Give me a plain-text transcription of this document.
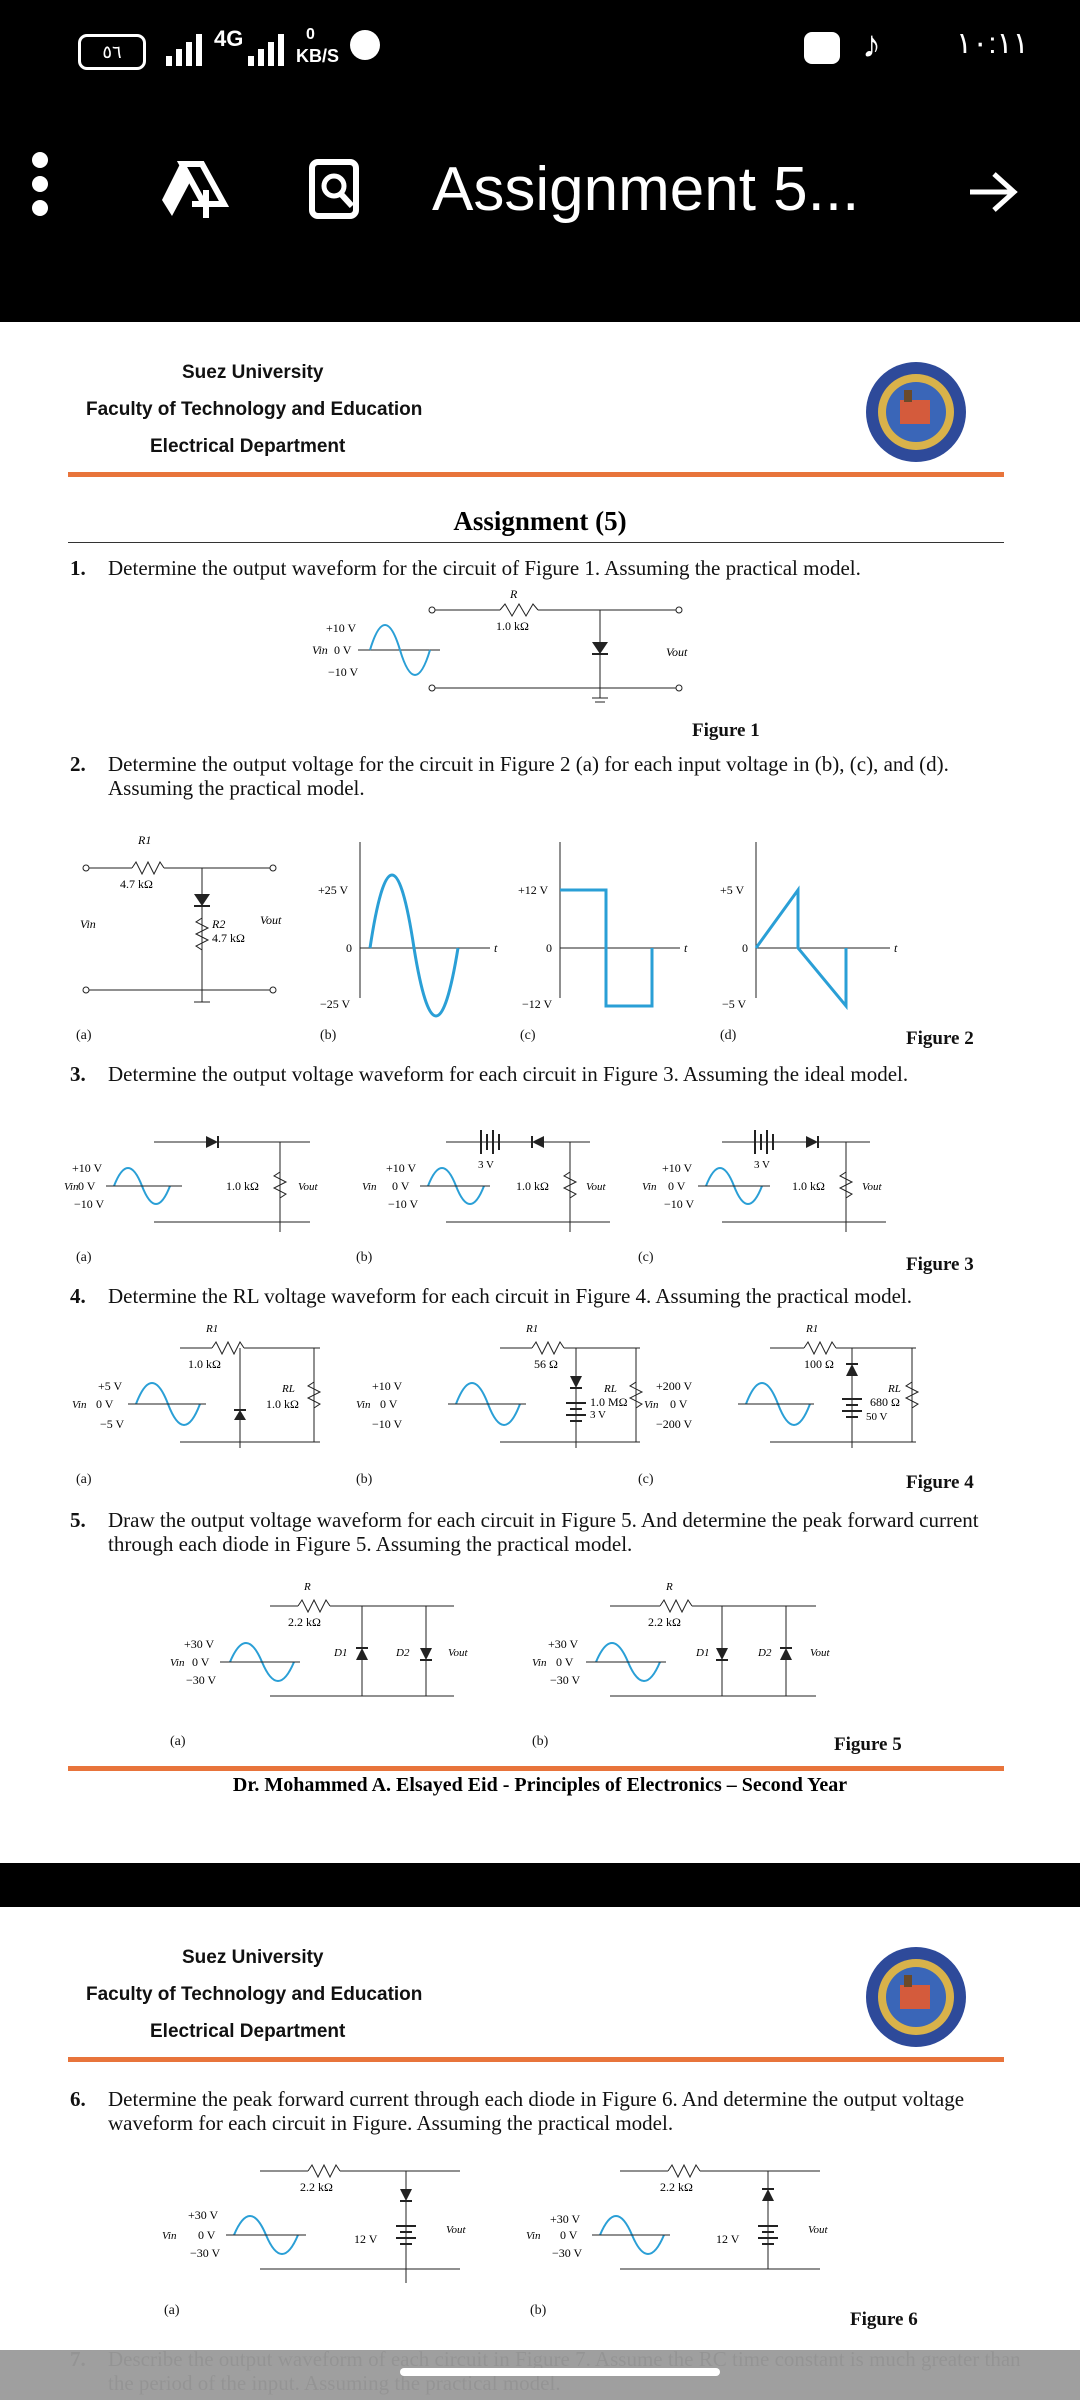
٥٦
4G	0
KB/S	♪	١٠:١١
Assignment 5...
Suez University
Faculty of Technology and Education
Electrical Department
Assignment (5)
1. Determine the output waveform for the circuit of Figure 1. Assuming the practical model.
+10 V
Vin 0 V
−10 V
R
1.0 kΩ
Vout
Figure 1
2. Determine the output voltage for the circuit in Figure 2 (a) for each input voltage in (b), (c), and (d). Assuming the practical model.
R1
4.7 kΩ
R2
4.7 kΩ
Vout
Vin
t
0
+25 V
−25 V
t
0
+12 V
−12 V
t
0
+5 V
−5 V
(a)	(b)	(c)	(d)	Figure 2
3. Determine the output voltage waveform for each circuit in Figure 3. Assuming the ideal model.
+10 V
Vin 0 V
−10 V
1.0 kΩ	Vout
+10 V
Vin 0 V
−10 V
3 V
1.0 kΩ	Vout
+10 V
Vin 0 V
−10 V
3 V
1.0 kΩ	Vout
(a)	(b)	(c)	Figure 3
4. Determine the RL voltage waveform for each circuit in Figure 4. Assuming the practical model.
+5 V
Vin 0 V
−5 V
R1
1.0 kΩ
RL
1.0 kΩ
+10 V
Vin 0 V
−10 V
R1
56 Ω
3 V
RL
1.0 MΩ
+200 V
Vin 0 V
−200 V
R1
100 Ω
50 V
RL
680 Ω
(a)	(b)	(c)	Figure 4
5. Draw the output voltage waveform for each circuit in Figure 5. And determine the peak forward current through each diode in Figure 5. Assuming the practical model.
+30 V
Vin 0 V
−30 V
R
2.2 kΩ
D1	D2	Vout
+30 V
Vin 0 V
−30 V
R
2.2 kΩ
D1	D2	Vout
(a)	(b)	Figure 5
Dr. Mohammed A. Elsayed Eid - Principles of Electronics – Second Year
Suez University
Faculty of Technology and Education
Electrical Department
6. Determine the peak forward current through each diode in Figure 6. And determine the output voltage waveform for each circuit in Figure. Assuming the practical model.
+30 V
Vin 0 V
−30 V
2.2 kΩ
12 V
Vout
+30 V
Vin 0 V
−30 V
2.2 kΩ
12 V
Vout
(a)	(b)	Figure 6
